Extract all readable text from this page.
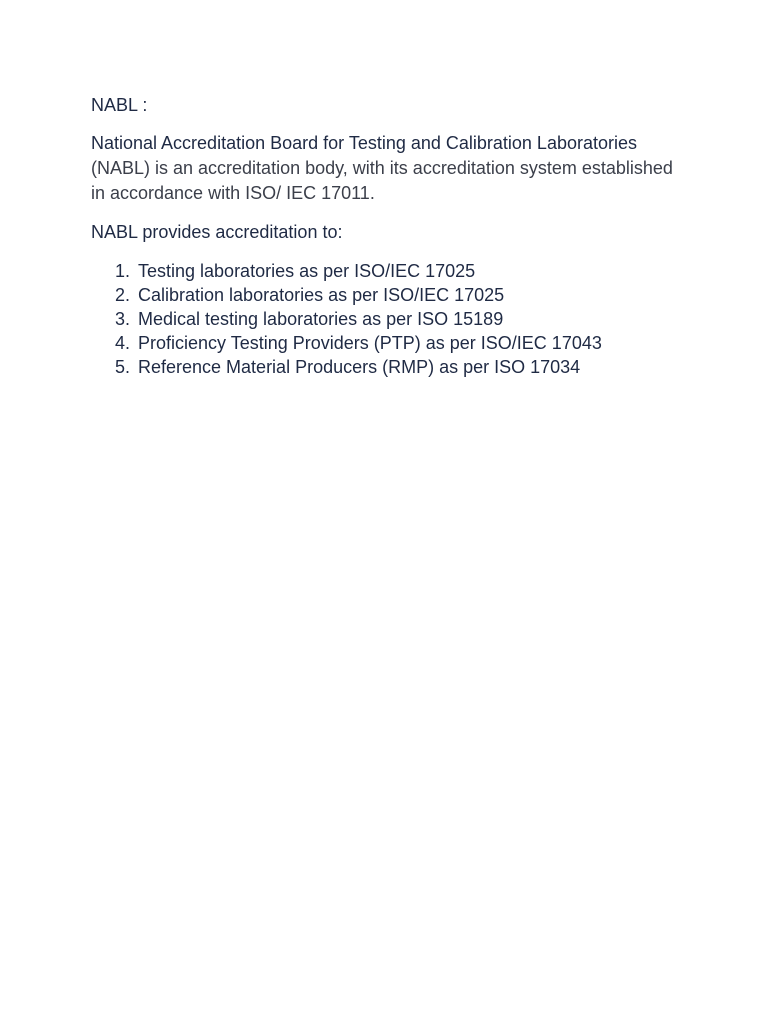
NABL :

National Accreditation Board for Testing and Calibration Laboratories (NABL) is an accreditation body, with its accreditation system established in accordance with ISO/ IEC 17011.

NABL provides accreditation to:

1. Testing laboratories as per ISO/IEC 17025
2. Calibration laboratories as per ISO/IEC 17025
3. Medical testing laboratories as per ISO 15189
4. Proficiency Testing Providers (PTP) as per ISO/IEC 17043
5. Reference Material Producers (RMP) as per ISO 17034
